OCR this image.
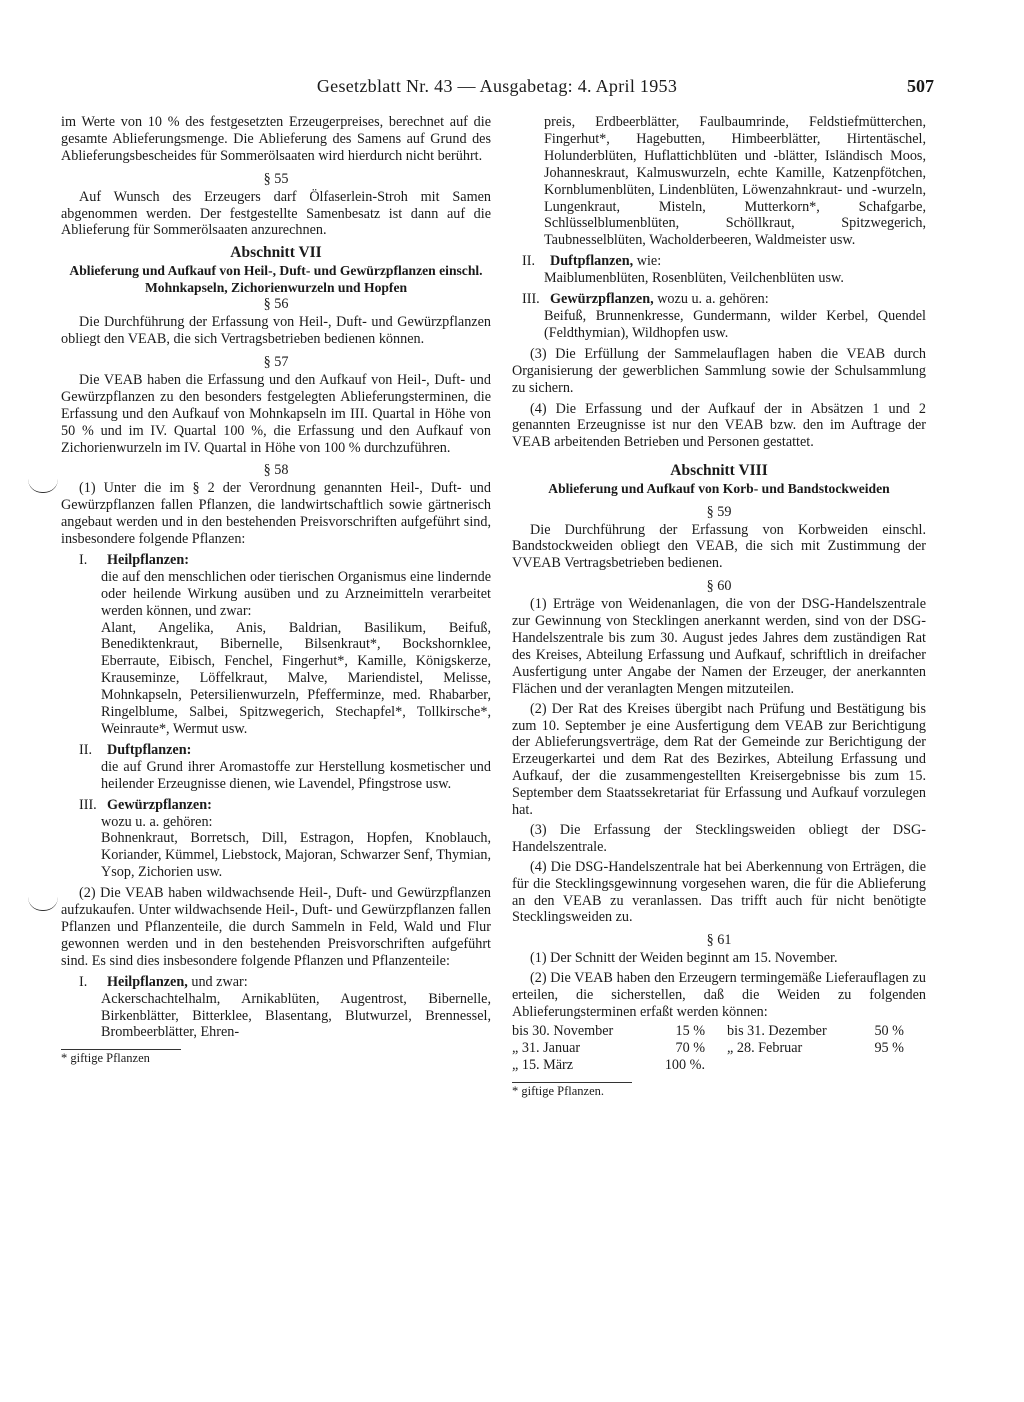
Gesetzblatt Nr. 43 — Ausgabetag: 4. April 1953	507

im Werte von 10 % des festgesetzten Erzeugerpreises, berechnet auf die gesamte Ablieferungsmenge. Die Ablieferung des Samens auf Grund des Ablieferungsbescheides für Sommerölsaaten wird hierdurch nicht berührt.

§ 55

Auf Wunsch des Erzeugers darf Ölfaserlein-Stroh mit Samen abgenommen werden. Der festgestellte Samenbesatz ist dann auf die Ablieferung für Sommerölsaaten anzurechnen.

Abschnitt VII
Ablieferung und Aufkauf von Heil-, Duft- und Gewürzpflanzen einschl. Mohnkapseln, Zichorienwurzeln und Hopfen
§ 56

Die Durchführung der Erfassung von Heil-, Duft- und Gewürzpflanzen obliegt den VEAB, die sich Vertragsbetrieben bedienen können.

§ 57

Die VEAB haben die Erfassung und den Aufkauf von Heil-, Duft- und Gewürzpflanzen zu den besonders festgelegten Ablieferungsterminen, die Erfassung und den Aufkauf von Mohnkapseln im III. Quartal in Höhe von 50 % und im IV. Quartal 100 %, die Erfassung und den Aufkauf von Zichorienwurzeln im IV. Quartal in Höhe von 100 % durchzuführen.

§ 58

(1) Unter die im § 2 der Verordnung genannten Heil-, Duft- und Gewürzpflanzen fallen Pflanzen, die landwirtschaftlich sowie gärtnerisch angebaut werden und in den bestehenden Preisvorschriften aufgeführt sind, insbesondere folgende Pflanzen:

I. Heilpflanzen:
die auf den menschlichen oder tierischen Organismus eine lindernde oder heilende Wirkung ausüben und zu Arzneimitteln verarbeitet werden können, und zwar:
Alant, Angelika, Anis, Baldrian, Basilikum, Beifuß, Benediktenkraut, Bibernelle, Bilsenkraut*, Bockshornklee, Eberraute, Eibisch, Fenchel, Fingerhut*, Kamille, Königskerze, Krauseminze, Löffelkraut, Malve, Mariendistel, Melisse, Mohnkapseln, Petersilienwurzeln, Pfefferminze, med. Rhabarber, Ringelblume, Salbei, Spitzwegerich, Stechapfel*, Tollkirsche*, Weinraute*, Wermut usw.
II. Duftpflanzen:
die auf Grund ihrer Aromastoffe zur Herstellung kosmetischer und heilender Erzeugnisse dienen, wie Lavendel, Pfingstrose usw.
III. Gewürzpflanzen:
wozu u. a. gehören:
Bohnenkraut, Borretsch, Dill, Estragon, Hopfen, Knoblauch, Koriander, Kümmel, Liebstock, Majoran, Schwarzer Senf, Thymian, Ysop, Zichorien usw.

(2) Die VEAB haben wildwachsende Heil-, Duft- und Gewürzpflanzen aufzukaufen. Unter wildwachsende Heil-, Duft- und Gewürzpflanzen fallen Pflanzen und Pflanzenteile, die durch Sammeln in Feld, Wald und Flur gewonnen werden und in den bestehenden Preisvorschriften aufgeführt sind. Es sind dies insbesondere folgende Pflanzen und Pflanzenteile:

I. Heilpflanzen, und zwar:
Ackerschachtelhalm, Arnikablüten, Augentrost, Bibernelle, Birkenblätter, Bitterklee, Blasentang, Blutwurzel, Brennessel, Brombeerblätter, Ehren-

* giftige Pflanzen

preis, Erdbeerblätter, Faulbaumrinde, Feldstiefmütterchen, Fingerhut*, Hagebutten, Himbeerblätter, Hirtentäschel, Holunderblüten, Huflattichblüten und -blätter, Isländisch Moos, Johanneskraut, Kalmuswurzeln, echte Kamille, Katzenpfötchen, Kornblumenblüten, Lindenblüten, Löwenzahnkraut- und -wurzeln, Lungenkraut, Misteln, Mutterkorn*, Schafgarbe, Schlüsselblumenblüten, Schöllkraut, Spitzwegerich, Taubnesselblüten, Wacholderbeeren, Waldmeister usw.
II. Duftpflanzen, wie:
Maiblumenblüten, Rosenblüten, Veilchenblüten usw.
III. Gewürzpflanzen, wozu u. a. gehören:
Beifuß, Brunnenkresse, Gundermann, wilder Kerbel, Quendel (Feldthymian), Wildhopfen usw.

(3) Die Erfüllung der Sammelauflagen haben die VEAB durch Organisierung der gewerblichen Sammlung sowie der Schulsammlung zu sichern.

(4) Die Erfassung und der Aufkauf der in Absätzen 1 und 2 genannten Erzeugnisse ist nur den VEAB bzw. den im Auftrage der VEAB arbeitenden Betrieben und Personen gestattet.

Abschnitt VIII
Ablieferung und Aufkauf von Korb- und Bandstockweiden
§ 59

Die Durchführung der Erfassung von Korbweiden einschl. Bandstockweiden obliegt den VEAB, die sich mit Zustimmung der VVEAB Vertragsbetrieben bedienen.

§ 60

(1) Erträge von Weidenanlagen, die von der DSG-Handelszentrale zur Gewinnung von Stecklingen anerkannt werden, sind von der DSG-Handelszentrale bis zum 30. August jedes Jahres dem zuständigen Rat des Kreises, Abteilung Erfassung und Aufkauf, schriftlich in dreifacher Ausfertigung unter Angabe der Namen der Erzeuger, der anerkannten Flächen und der veranlagten Mengen mitzuteilen.

(2) Der Rat des Kreises übergibt nach Prüfung und Bestätigung bis zum 10. September je eine Ausfertigung dem VEAB zur Berichtigung der Ablieferungsverträge, dem Rat der Gemeinde zur Berichtigung der Erzeugerkartei und dem Rat des Bezirkes, Abteilung Erfassung und Aufkauf, der die zusammengestellten Kreisergebnisse bis zum 15. September dem Staatssekretariat für Erfassung und Aufkauf vorzulegen hat.

(3) Die Erfassung der Stecklingsweiden obliegt der DSG-Handelszentrale.

(4) Die DSG-Handelszentrale hat bei Aberkennung von Erträgen, die für die Stecklingsgewinnung vorgesehen waren, die für die Ablieferung an den VEAB zu veranlassen. Das trifft auch für nicht benötigte Stecklingsweiden zu.

§ 61

(1) Der Schnitt der Weiden beginnt am 15. November.

(2) Die VEAB haben den Erzeugern termingemäße Lieferauflagen zu erteilen, die sicherstellen, daß die Weiden zu folgenden Ablieferungsterminen erfaßt werden können:

bis 30. November	15 %	bis 31. Dezember	50 %
„ 31. Januar	70 %	„ 28. Februar	95 %
„ 15. März	100 %.		

* giftige Pflanzen.
